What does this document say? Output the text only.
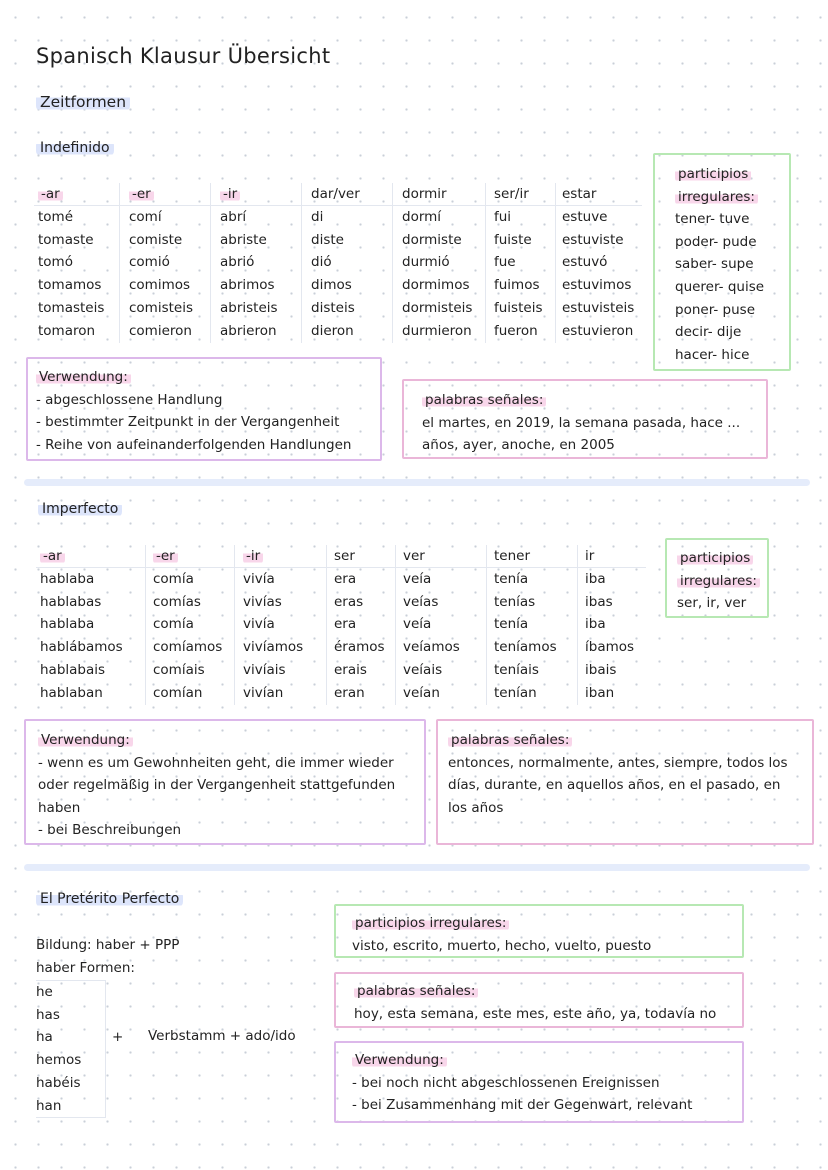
Spanisch Klausur Übersicht
Zeitformen
Indefinido
-ar
tomé
tomaste
tomó
tomamos
tomasteis
tomaron
-er
comí
comiste
comió
comimos
comisteis
comieron
-ir
abrí
abriste
abrió
abrimos
abristeis
abrieron
dar/ver
di
diste
dió
dimos
disteis
dieron
dormir
dormí
dormiste
durmió
dormimos
dormisteis
durmieron
ser/ir
fui
fuiste
fue
fuimos
fuisteis
fueron
estar
estuve
estuviste
estuvó
estuvimos
estuvisteis
estuvieron
participios
irregulares:
tener- tuve
poder- pude
saber- supe
querer- quise
poner- puse
decir- dije
hacer- hice
Verwendung:
- abgeschlossene Handlung
- bestimmter Zeitpunkt in der Vergangenheit
- Reihe von aufeinanderfolgenden Handlungen
palabras señales:
el martes, en 2019, la semana pasada, hace ...
años, ayer, anoche, en 2005
Imperfecto
-ar
hablaba
hablabas
hablaba
hablábamos
hablabais
hablaban
-er
comía
comías
comía
comíamos
comíais
comían
-ir
vivía
vivías
vivía
vivíamos
vivíais
vivían
ser
era
eras
era
éramos
erais
eran
ver
veía
veías
veía
veíamos
veíais
veían
tener
tenía
tenías
tenía
teníamos
teníais
tenían
ir
iba
ibas
iba
íbamos
ibais
iban
participios
irregulares:
ser, ir, ver
Verwendung:
- wenn es um Gewohnheiten geht, die immer wieder
oder regelmäßig in der Vergangenheit stattgefunden
haben
- bei Beschreibungen
palabras señales:
entonces, normalmente, antes, siempre, todos los
días, durante, en aquellos años, en el pasado, en
los años
El Pretérito Perfecto
Bildung: haber + PPP
haber Formen:
he
has
ha
hemos
habéis
han
+ Verbstamm + ado/ido
participios irregulares:
visto, escrito, muerto, hecho, vuelto, puesto
palabras señales:
hoy, esta semana, este mes, este año, ya, todavía no
Verwendung:
- bei noch nicht abgeschlossenen Ereignissen
- bei Zusammenhang mit der Gegenwart, relevant
